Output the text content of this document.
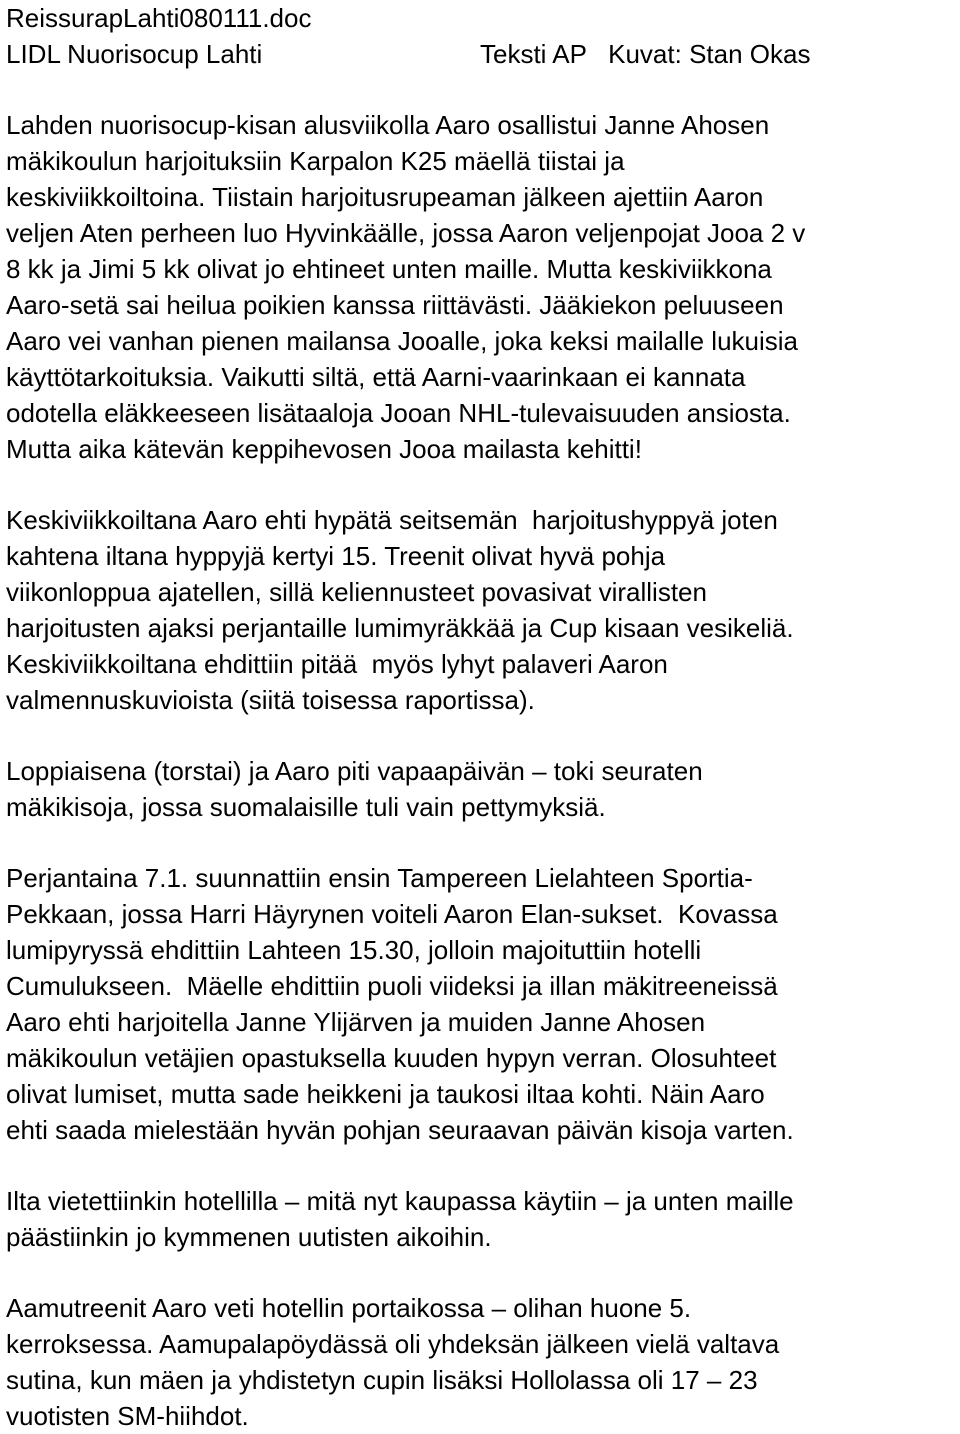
ReissurapLahti080111.doc
LIDL Nuorisocup Lahti	Teksti AP   Kuvat: Stan Okas
Lahden nuorisocup-kisan alusviikolla Aaro osallistui Janne Ahosen
mäkikoulun harjoituksiin Karpalon K25 mäellä tiistai ja
keskiviikkoiltoina. Tiistain harjoitusrupeaman jälkeen ajettiin Aaron
veljen Aten perheen luo Hyvinkäälle, jossa Aaron veljenpojat Jooa 2 v
8 kk ja Jimi 5 kk olivat jo ehtineet unten maille. Mutta keskiviikkona
Aaro-setä sai heilua poikien kanssa riittävästi. Jääkiekon peluuseen
Aaro vei vanhan pienen mailansa Jooalle, joka keksi mailalle lukuisia
käyttötarkoituksia. Vaikutti siltä, että Aarni-vaarinkaan ei kannata
odotella eläkkeeseen lisätaaloja Jooan NHL-tulevaisuuden ansiosta.
Mutta aika kätevän keppihevosen Jooa mailasta kehitti!
Keskiviikkoiltana Aaro ehti hypätä seitsemän  harjoitushyppyä joten
kahtena iltana hyppyjä kertyi 15. Treenit olivat hyvä pohja
viikonloppua ajatellen, sillä keliennusteet povasivat virallisten
harjoitusten ajaksi perjantaille lumimyräkkää ja Cup kisaan vesikeliä.
Keskiviikkoiltana ehdittiin pitää  myös lyhyt palaveri Aaron
valmennuskuvioista (siitä toisessa raportissa).
Loppiaisena (torstai) ja Aaro piti vapaapäivän – toki seuraten
mäkikisoja, jossa suomalaisille tuli vain pettymyksiä.
Perjantaina 7.1. suunnattiin ensin Tampereen Lielahteen Sportia-
Pekkaan, jossa Harri Häyrynen voiteli Aaron Elan-sukset.  Kovassa
lumipyryssä ehdittiin Lahteen 15.30, jolloin majoituttiin hotelli
Cumulukseen.  Mäelle ehdittiin puoli viideksi ja illan mäkitreeneissä
Aaro ehti harjoitella Janne Ylijärven ja muiden Janne Ahosen
mäkikoulun vetäjien opastuksella kuuden hypyn verran. Olosuhteet
olivat lumiset, mutta sade heikkeni ja taukosi iltaa kohti. Näin Aaro
ehti saada mielestään hyvän pohjan seuraavan päivän kisoja varten.
Ilta vietettiinkin hotellilla – mitä nyt kaupassa käytiin – ja unten maille
päästiinkin jo kymmenen uutisten aikoihin.
Aamutreenit Aaro veti hotellin portaikossa – olihan huone 5.
kerroksessa. Aamupalapöydässä oli yhdeksän jälkeen vielä valtava
sutina, kun mäen ja yhdistetyn cupin lisäksi Hollolassa oli 17 – 23
vuotisten SM-hiihdot.
